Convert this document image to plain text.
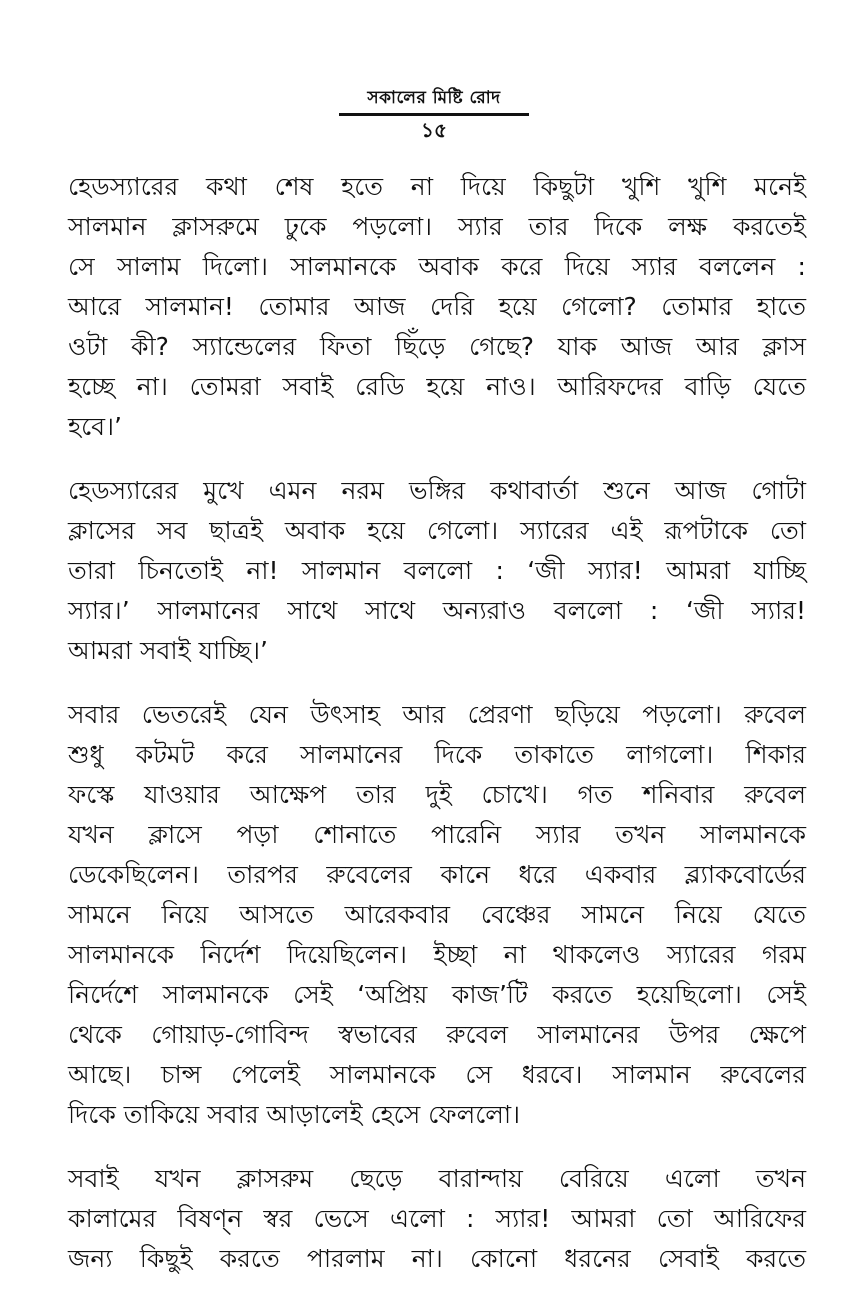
সকালের মিষ্টি রোদ
১৫

হেডস্যারের কথা শেষ হতে না দিয়ে কিছুটা খুশি খুশি মনেই
সালমান ক্লাসরুমে ঢুকে পড়লো। স্যার তার দিকে লক্ষ করতেই
সে সালাম দিলো। সালমানকে অবাক করে দিয়ে স্যার বললেন :
আরে সালমান! তোমার আজ দেরি হয়ে গেলো? তোমার হাতে
ওটা কী? স্যান্ডেলের ফিতা ছিঁড়ে গেছে? যাক আজ আর ক্লাস
হচ্ছে না। তোমরা সবাই রেডি হয়ে নাও। আরিফদের বাড়ি যেতে
হবে।’

হেডস্যারের মুখে এমন নরম ভঙ্গির কথাবার্তা শুনে আজ গোটা
ক্লাসের সব ছাত্রই অবাক হয়ে গেলো। স্যারের এই রূপটাকে তো
তারা চিনতোই না! সালমান বললো : ‘জী স্যার! আমরা যাচ্ছি
স্যার।’ সালমানের সাথে সাথে অন্যরাও বললো : ‘জী স্যার!
আমরা সবাই যাচ্ছি।’

সবার ভেতরেই যেন উৎসাহ আর প্রেরণা ছড়িয়ে পড়লো। রুবেল
শুধু কটমট করে সালমানের দিকে তাকাতে লাগলো। শিকার
ফস্কে যাওয়ার আক্ষেপ তার দুই চোখে। গত শনিবার রুবেল
যখন ক্লাসে পড়া শোনাতে পারেনি স্যার তখন সালমানকে
ডেকেছিলেন। তারপর রুবেলের কানে ধরে একবার ব্ল্যাকবোর্ডের
সামনে নিয়ে আসতে আরেকবার বেঞ্চের সামনে নিয়ে যেতে
সালমানকে নির্দেশ দিয়েছিলেন। ইচ্ছা না থাকলেও স্যারের গরম
নির্দেশে সালমানকে সেই ‘অপ্রিয় কাজ’টি করতে হয়েছিলো। সেই
থেকে গোয়াড়-গোবিন্দ স্বভাবের রুবেল সালমানের উপর ক্ষেপে
আছে। চান্স পেলেই সালমানকে সে ধরবে। সালমান রুবেলের
দিকে তাকিয়ে সবার আড়ালেই হেসে ফেললো।

সবাই যখন ক্লাসরুম ছেড়ে বারান্দায় বেরিয়ে এলো তখন
কালামের বিষণ্ন স্বর ভেসে এলো : স্যার! আমরা তো আরিফের
জন্য কিছুই করতে পারলাম না। কোনো ধরনের সেবাই করতে
